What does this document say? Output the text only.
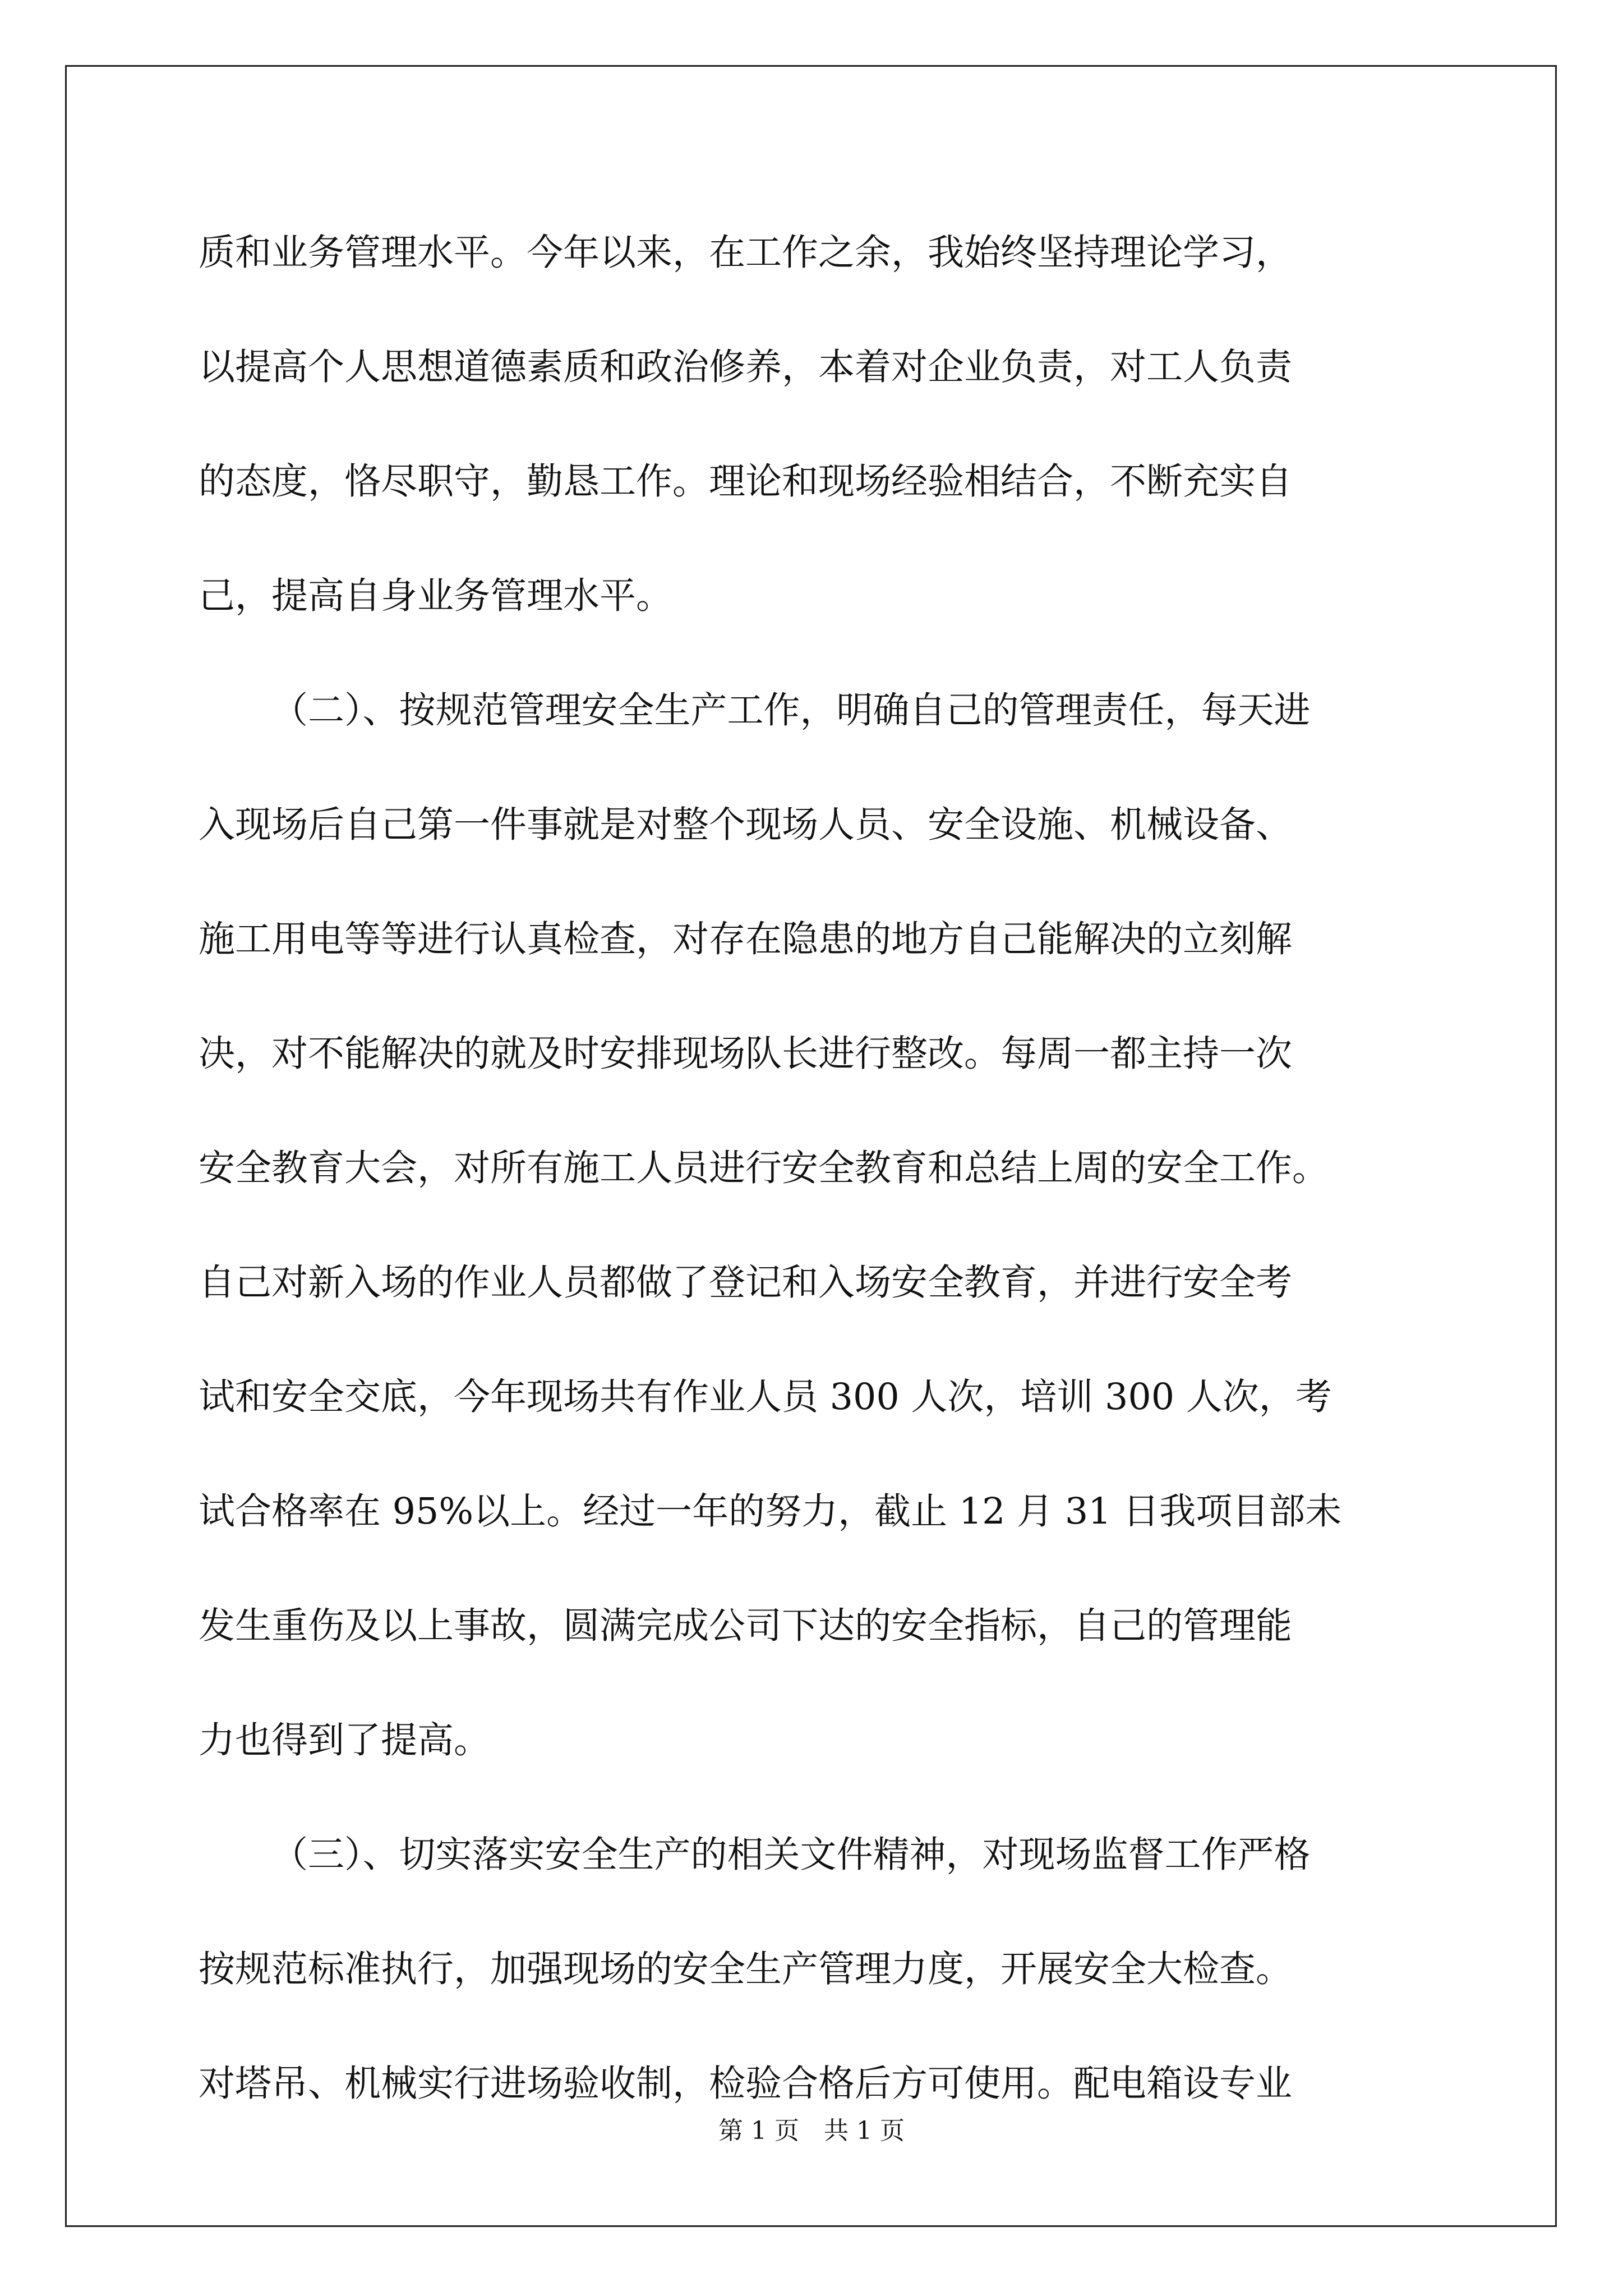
质和业务管理水平。今年以来，在工作之余，我始终坚持理论学习，
以提高个人思想道德素质和政治修养，本着对企业负责，对工人负责
的态度，恪尽职守，勤恳工作。理论和现场经验相结合，不断充实自
己，提高自身业务管理水平。
（二）、按规范管理安全生产工作，明确自己的管理责任，每天进
入现场后自己第一件事就是对整个现场人员、安全设施、机械设备、
施工用电等等进行认真检查，对存在隐患的地方自己能解决的立刻解
决，对不能解决的就及时安排现场队长进行整改。每周一都主持一次
安全教育大会，对所有施工人员进行安全教育和总结上周的安全工作。
自己对新入场的作业人员都做了登记和入场安全教育，并进行安全考
试和安全交底，今年现场共有作业人员 300 人次，培训 300 人次，考
试合格率在 95%以上。经过一年的努力，截止 12 月 31 日我项目部未
发生重伤及以上事故，圆满完成公司下达的安全指标，自己的管理能
力也得到了提高。
（三）、切实落实安全生产的相关文件精神，对现场监督工作严格
按规范标准执行，加强现场的安全生产管理力度，开展安全大检查。
对塔吊、机械实行进场验收制，检验合格后方可使用。配电箱设专业
第 1 页　共 1 页
